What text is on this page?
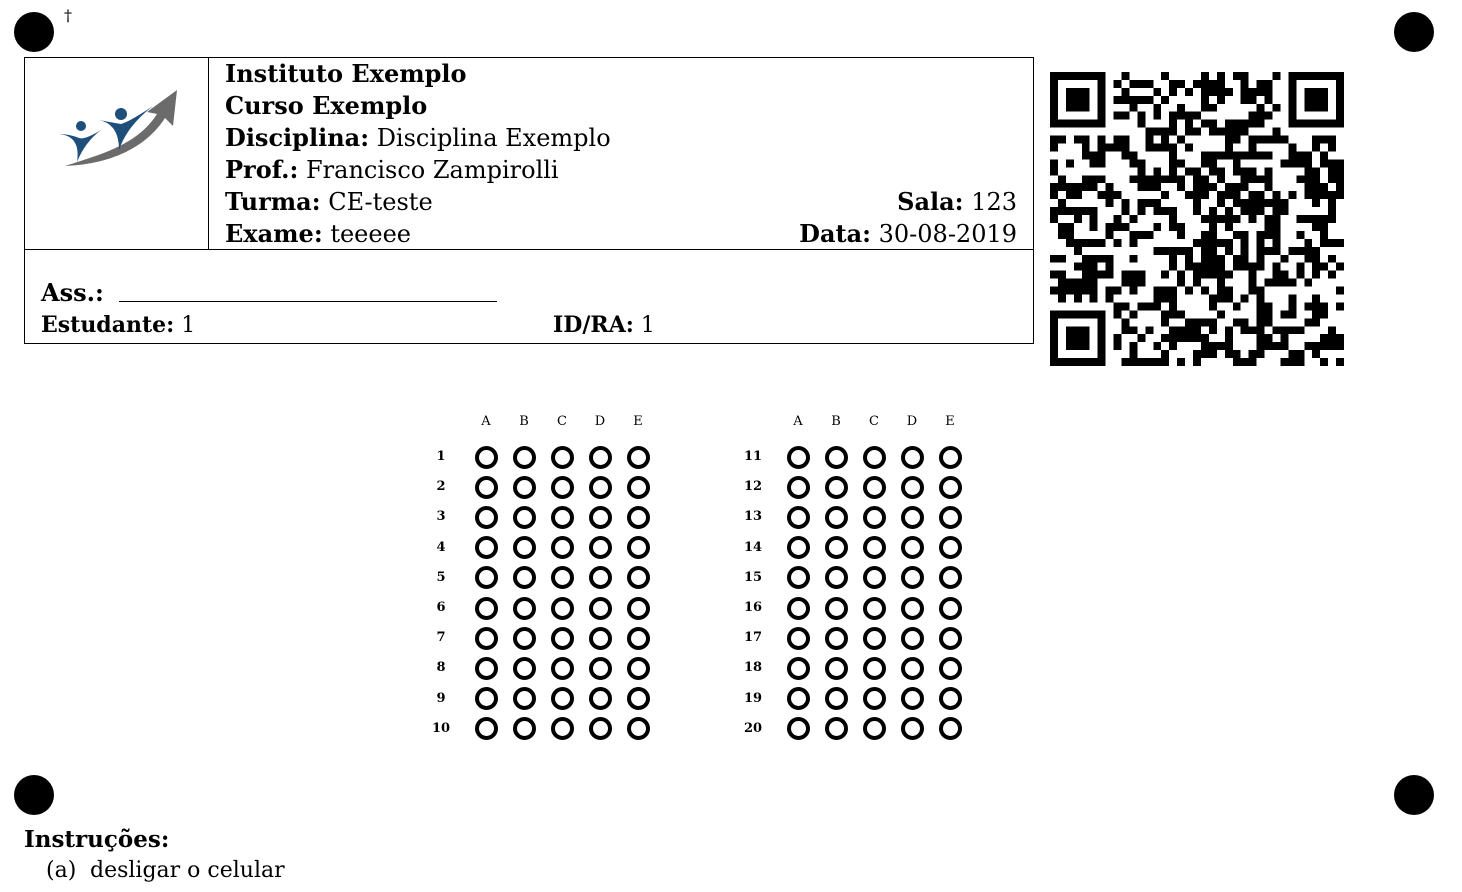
†
Instituto Exemplo
Curso Exemplo
Disciplina: Disciplina Exemplo
Prof.: Francisco Zampirolli
Turma: CE-teste	Sala: 123
Exame: teeeee	Data: 30-08-2019
Ass.:
Estudante: 1	ID/RA: 1
A	B	C	D	E
1
2
3
4
5
6
7
8
9
10
A	B	C	D	E
11
12
13
14
15
16
17
18
19
20
Instruções:
(a) desligar o celular
